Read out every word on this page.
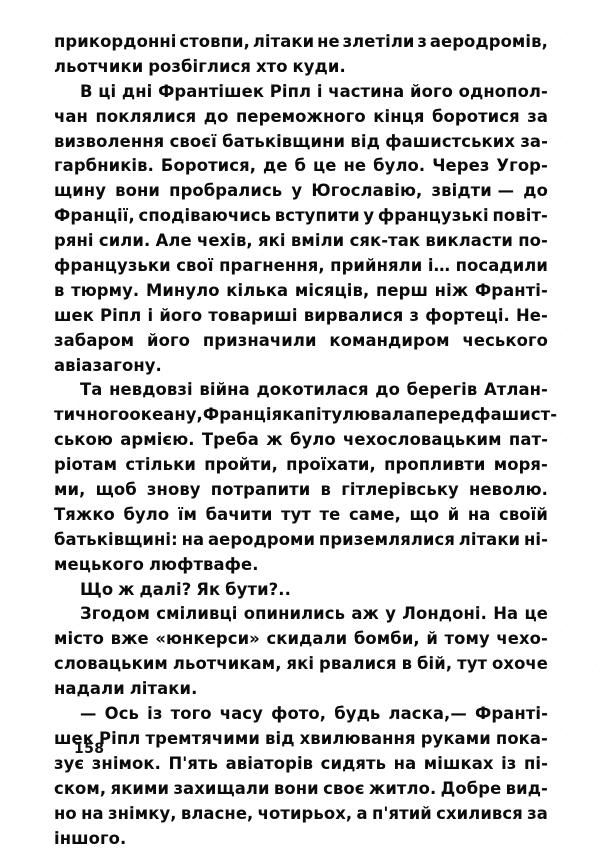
прикордонні стовпи, літаки не злетіли з аеродромів,
льотчики розбіглися хто куди.
В ці дні Франтішек Ріпл і частина його однопол-
чан поклялися до переможного кінця боротися за
визволення своєї батьківщини від фашистських за-
гарбників. Боротися, де б це не було. Через Угор-
щину вони пробрались у Югославію, звідти — до
Франції, сподіваючись вступити у французькі повіт-
ряні сили. Але чехів, які вміли сяк-так викласти по-
французьки свої прагнення, прийняли і… посадили
в тюрму. Минуло кілька місяців, перш ніж Франті-
шек Ріпл і його товариші вирвалися з фортеці. Не-
забаром його призначили командиром чеського
авіазагону.
Та невдовзі війна докотилася до берегів Атлан-
тичного океану, Франція капітулювала перед фашист-
ською армією. Треба ж було чехословацьким пат-
ріотам стільки пройти, проїхати, пропливти моря-
ми, щоб знову потрапити в гітлерівську неволю.
Тяжко було їм бачити тут те саме, що й на своїй
батьківщині: на аеродроми приземлялися літаки ні-
мецького люфтвафе.
Що ж далі? Як бути?..
Згодом сміливці опинились аж у Лондоні. На це
місто вже «юнкерси» скидали бомби, й тому чехо-
словацьким льотчикам, які рвалися в бій, тут охоче
надали літаки.
— Ось із того часу фото, будь ласка,— Франті-
шек Ріпл тремтячими від хвилювання руками пока-
зує знімок. П'ять авіаторів сидять на мішках із пі-
ском, якими захищали вони своє житло. Добре вид-
но на знімку, власне, чотирьох, а п'ятий схилився за
іншого.
158
